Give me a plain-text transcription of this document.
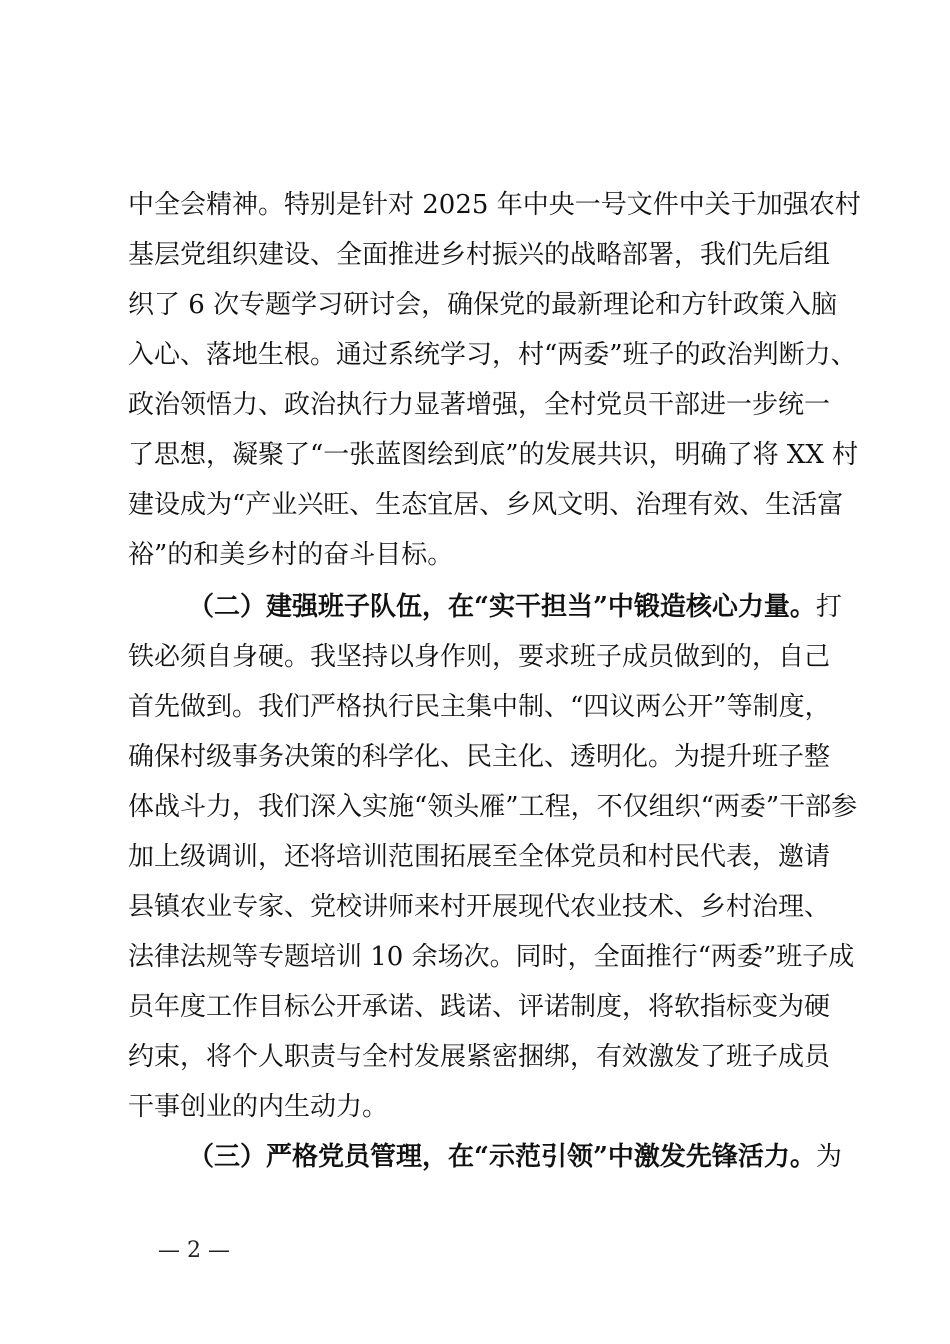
中全会精神。特别是针对 2025 年中央一号文件中关于加强农村
基层党组织建设、全面推进乡村振兴的战略部署，我们先后组
织了 6 次专题学习研讨会，确保党的最新理论和方针政策入脑
入心、落地生根。通过系统学习，村“两委”班子的政治判断力、
政治领悟力、政治执行力显著增强，全村党员干部进一步统一
了思想，凝聚了“一张蓝图绘到底”的发展共识，明确了将 XX 村
建设成为“产业兴旺、生态宜居、乡风文明、治理有效、生活富
裕”的和美乡村的奋斗目标。
（二）建强班子队伍，在“实干担当”中锻造核心力量。打
铁必须自身硬。我坚持以身作则，要求班子成员做到的，自己
首先做到。我们严格执行民主集中制、“四议两公开”等制度，
确保村级事务决策的科学化、民主化、透明化。为提升班子整
体战斗力，我们深入实施“领头雁”工程，不仅组织“两委”干部参
加上级调训，还将培训范围拓展至全体党员和村民代表，邀请
县镇农业专家、党校讲师来村开展现代农业技术、乡村治理、
法律法规等专题培训 10 余场次。同时，全面推行“两委”班子成
员年度工作目标公开承诺、践诺、评诺制度，将软指标变为硬
约束，将个人职责与全村发展紧密捆绑，有效激发了班子成员
干事创业的内生动力。
（三）严格党员管理，在“示范引领”中激发先锋活力。为
— 2 —
